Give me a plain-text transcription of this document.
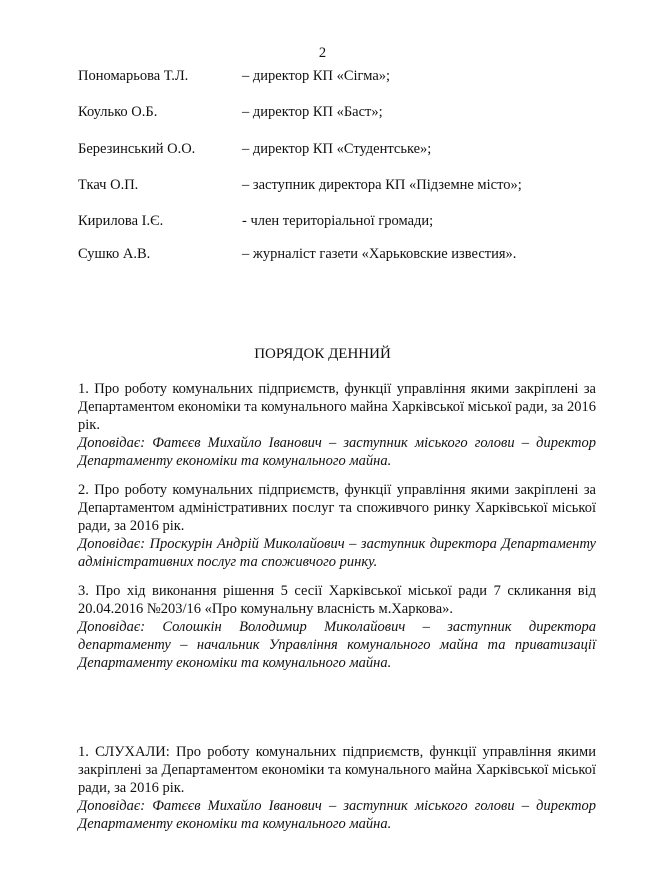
2
Пономарьова Т.Л.	– директор КП «Сігма»;
Коулько О.Б.	– директор КП «Баст»;
Березинський О.О.	– директор КП «Студентське»;
Ткач О.П.	– заступник директора КП «Підземне місто»;
Кирилова І.Є.	- член територіальної громади;
Сушко А.В.	– журналіст газети «Харьковские известия».
ПОРЯДОК ДЕННИЙ

1. Про роботу комунальних підприємств, функції управління якими закріплені за Департаментом економіки та комунального майна Харківської міської ради, за 2016 рік.

Доповідає: Фатєєв Михайло Іванович – заступник міського голови – директор Департаменту економіки та комунального майна.

2. Про роботу комунальних підприємств, функції управління якими закріплені за Департаментом адміністративних послуг та споживчого ринку Харківської міської ради, за 2016 рік.

Доповідає: Проскурін Андрій Миколайович – заступник директора Департаменту адміністративних послуг та споживчого ринку.

3. Про хід виконання рішення 5 сесії Харківської міської ради 7 скликання від 20.04.2016 №203/16 «Про комунальну власність м.Харкова».

Доповідає: Солошкін Володимир Миколайович – заступник директора департаменту – начальник Управління комунального майна та приватизації Департаменту економіки та комунального майна.

1. СЛУХАЛИ: Про роботу комунальних підприємств, функції управління якими закріплені за Департаментом економіки та комунального майна Харківської міської ради, за 2016 рік.

Доповідає: Фатєєв Михайло Іванович – заступник міського голови – директор Департаменту економіки та комунального майна.
